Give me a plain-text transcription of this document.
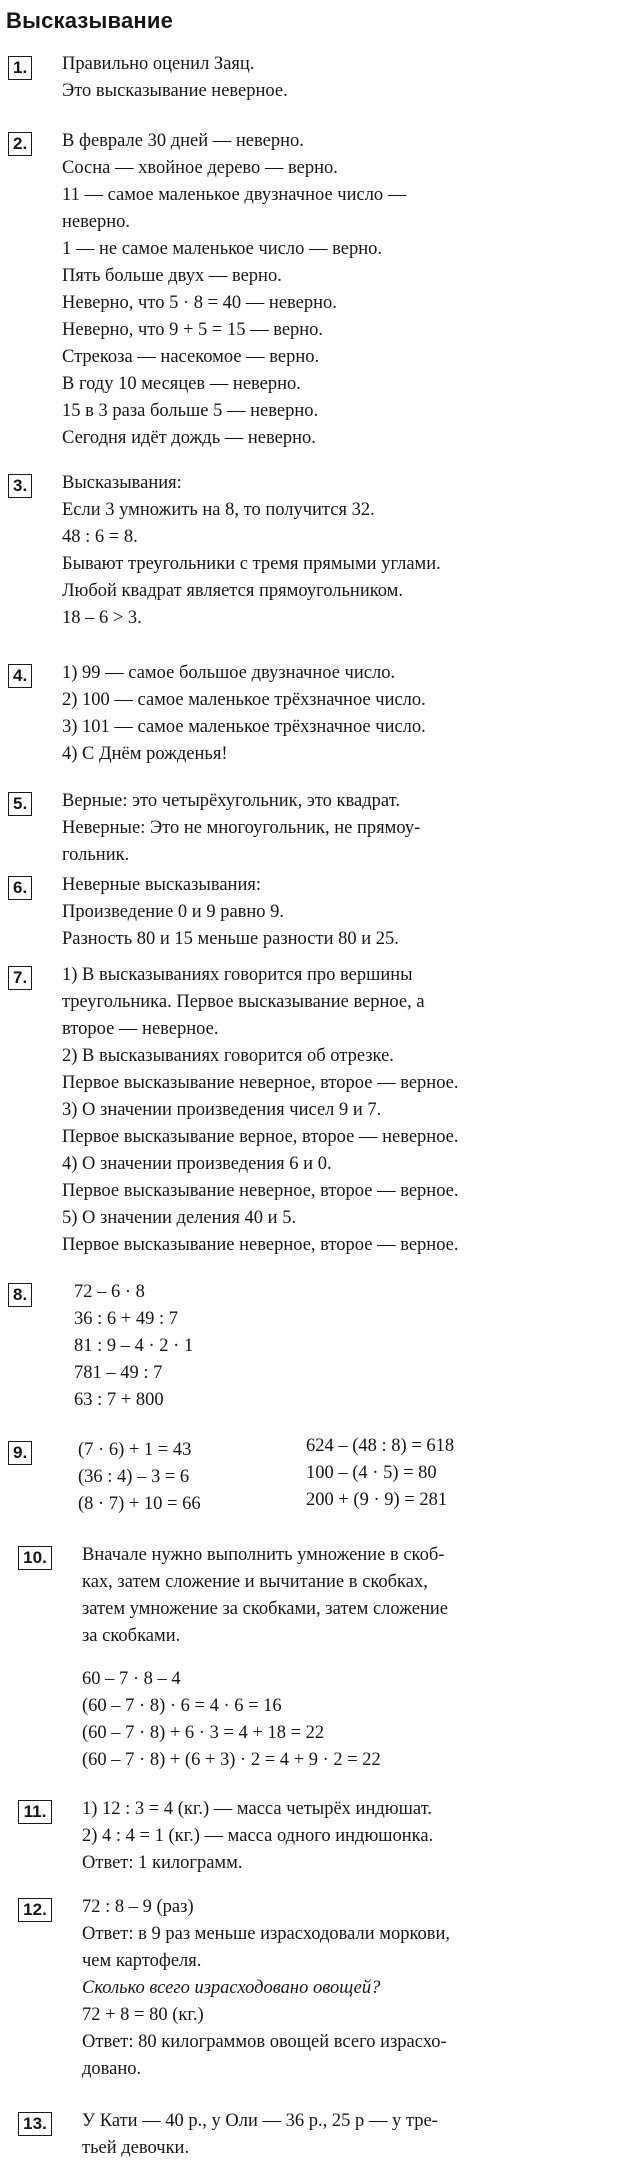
Высказывание
1. Правильно оценил Заяц.
Это высказывание неверное.
2. В феврале 30 дней — неверно.
Сосна — хвойное дерево — верно.
11 — самое маленькое двузначное число —
неверно.
1 — не самое маленькое число — верно.
Пять больше двух — верно.
Неверно, что 5 · 8 = 40 — неверно.
Неверно, что 9 + 5 = 15 — верно.
Стрекоза — насекомое — верно.
В году 10 месяцев — неверно.
15 в 3 раза больше 5 — неверно.
Сегодня идёт дождь — неверно.
3. Высказывания:
Если 3 умножить на 8, то получится 32.
48 : 6 = 8.
Бывают треугольники с тремя прямыми углами.
Любой квадрат является прямоугольником.
18 – 6 > 3.
4. 1) 99 — самое большое двузначное число.
2) 100 — самое маленькое трёхзначное число.
3) 101 — самое маленькое трёхзначное число.
4) С Днём рожденья!
5. Верные: это четырёхугольник, это квадрат.
Неверные: Это не многоугольник, не прямоу-
гольник.
6. Неверные высказывания:
Произведение 0 и 9 равно 9.
Разность 80 и 15 меньше разности 80 и 25.
7. 1) В высказываниях говорится про вершины
треугольника. Первое высказывание верное, а
второе — неверное.
2) В высказываниях говорится об отрезке.
Первое высказывание неверное, второе — верное.
3) О значении произведения чисел 9 и 7.
Первое высказывание верное, второе — неверное.
4) О значении произведения 6 и 0.
Первое высказывание неверное, второе — верное.
5) О значении деления 40 и 5.
Первое высказывание неверное, второе — верное.
8.	72 – 6 · 8
36 : 6 + 49 : 7
81 : 9 – 4 · 2 · 1
781 – 49 : 7
63 : 7 + 800
9.	(7 · 6) + 1 = 43
(36 : 4) – 3 = 6
(8 · 7) + 10 = 66
624 – (48 : 8) = 618
100 – (4 · 5) = 80
200 + (9 · 9) = 281
10. Вначале нужно выполнить умножение в скоб-
ках, затем сложение и вычитание в скобках,
затем умножение за скобками, затем сложение
за скобками.
60 – 7 · 8 – 4
(60 – 7 · 8) · 6 = 4 · 6 = 16
(60 – 7 · 8) + 6 · 3 = 4 + 18 = 22
(60 – 7 · 8) + (6 + 3) · 2 = 4 + 9 · 2 = 22
11.	1) 12 : 3 = 4 (кг.) — масса четырёх индюшат.
2) 4 : 4 = 1 (кг.) — масса одного индюшонка.
Ответ: 1 килограмм.
12. 72 : 8 – 9 (раз)
Ответ: в 9 раз меньше израсходовали моркови,
чем картофеля.
Сколько всего израсходовано овощей?
72 + 8 = 80 (кг.)
Ответ: 80 килограммов овощей всего израсхо-
довано.
13. У Кати — 40 р., у Оли — 36 р., 25 р — у тре-
тьей девочки.
